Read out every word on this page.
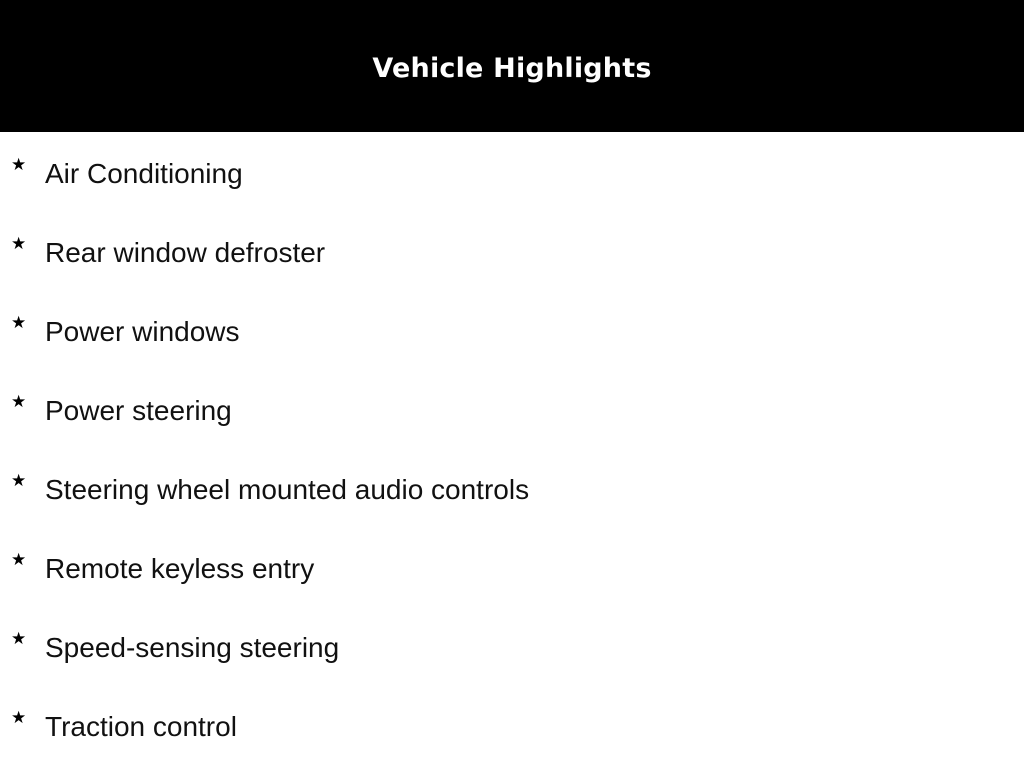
Vehicle Highlights
★ Air Conditioning
★ Rear window defroster
★ Power windows
★ Power steering
★ Steering wheel mounted audio controls
★ Remote keyless entry
★ Speed-sensing steering
★ Traction control
